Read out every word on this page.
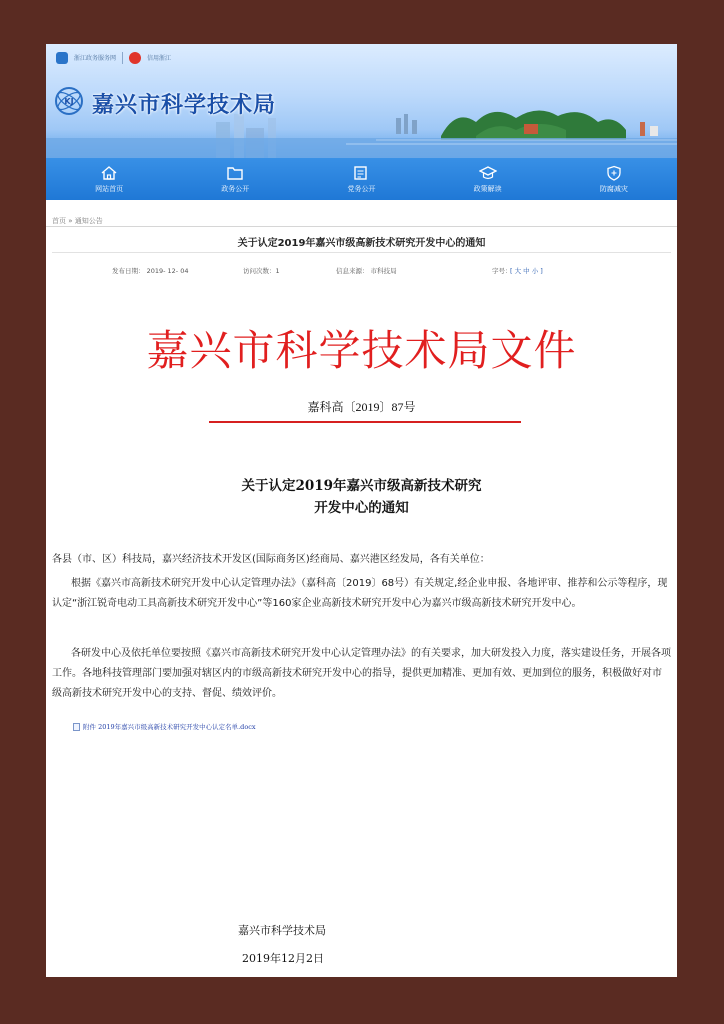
浙江政务服务网	信用浙江
KJ 嘉兴市科学技术局
网站首页	政务公开	党务公开	政策解读	防腐减灾
首页 » 通知公告
关于认定2019年嘉兴市级高新技术研究开发中心的通知
发布日期： 2019- 12- 04	访问次数：1	信息来源： 市科技局	字号：
[ 大 中 小 ]
嘉兴市科学技术局文件
嘉科高〔2019〕87号
关于认定2019年嘉兴市级高新技术研究
开发中心的通知

各县（市、区）科技局，嘉兴经济技术开发区(国际商务区)经商局、嘉兴港区经发局，各有关单位：

根据《嘉兴市高新技术研究开发中心认定管理办法》（嘉科高〔2019〕68号）有关规定,经企业申报、各地评审、推荐和公示等程序，现认定“浙江锐奇电动工具高新技术研究开发中心”等160家企业高新技术研究开发中心为嘉兴市级高新技术研究开发中心。

各研发中心及依托单位要按照《嘉兴市高新技术研究开发中心认定管理办法》的有关要求，加大研发投入力度，落实建设任务，开展各项工作。各地科技管理部门要加强对辖区内的市级高新技术研究开发中心的指导，提供更加精准、更加有效、更加到位的服务，积极做好对市级高新技术研究开发中心的支持、督促、绩效评价。

附件 2019年嘉兴市级高新技术研究开发中心认定名单.docx
嘉兴市科学技术局
2019年12月2日
